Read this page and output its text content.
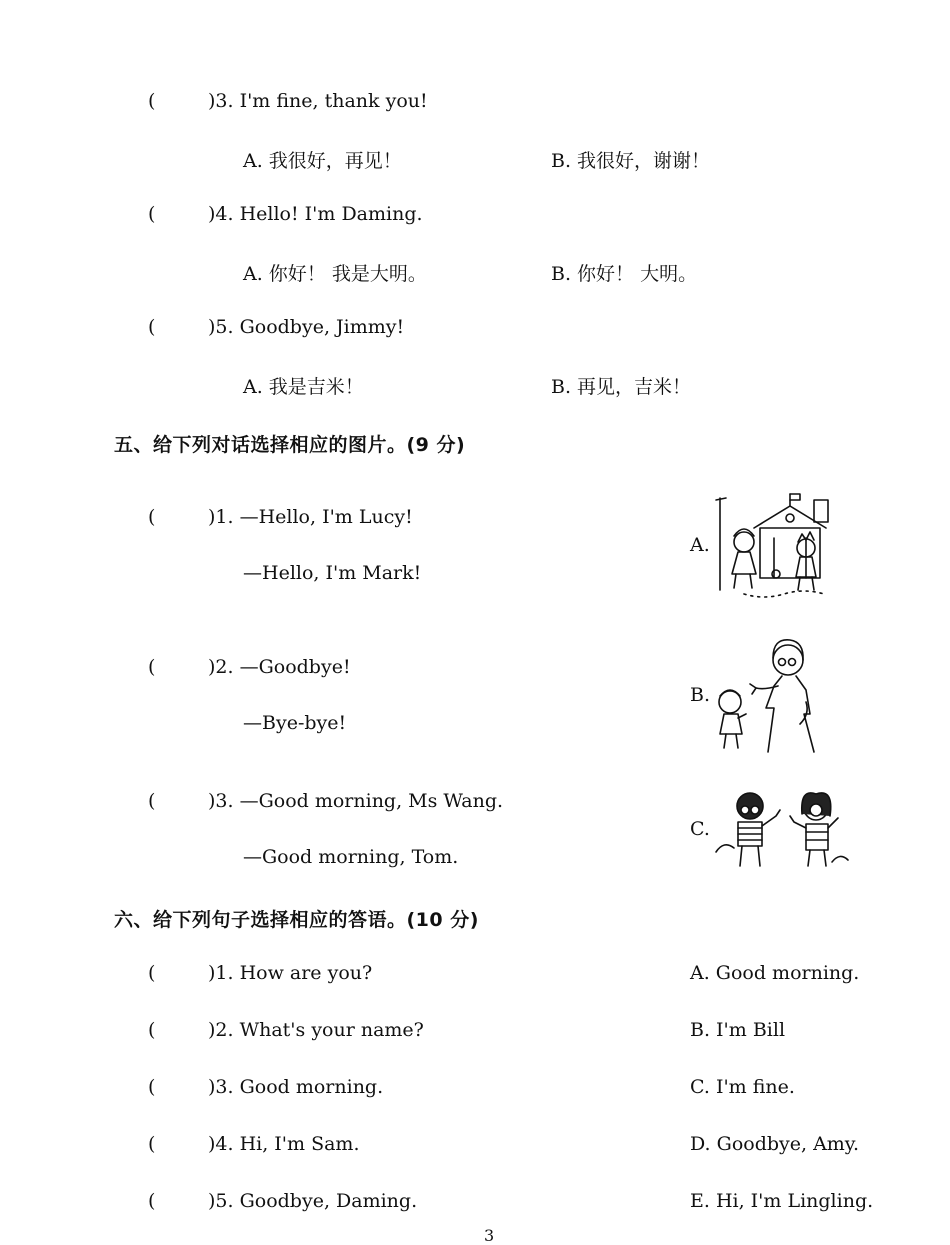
(	)3. I'm fine, thank you!
A. 我很好，再见！	B. 我很好，谢谢！
(	)4. Hello! I'm Daming.
A. 你好！ 我是大明。	B. 你好！ 大明。
(	)5. Goodbye, Jimmy!
A. 我是吉米！	B. 再见，吉米！
五、给下列对话选择相应的图片。(9 分)
(	)1. —Hello, I'm Lucy!
—Hello, I'm Mark!
(	)2. —Goodbye!
—Bye-bye!
(	)3. —Good morning, Ms Wang.
—Good morning, Tom.
A.
B.
C.
六、给下列句子选择相应的答语。(10 分)
(	)1. How are you?	A. Good morning.
(	)2. What's your name?	B. I'm Bill
(	)3. Good morning.	C. I'm fine.
(	)4. Hi, I'm Sam.	D. Goodbye, Amy.
(	)5. Goodbye, Daming.	E. Hi, I'm Lingling.
3
